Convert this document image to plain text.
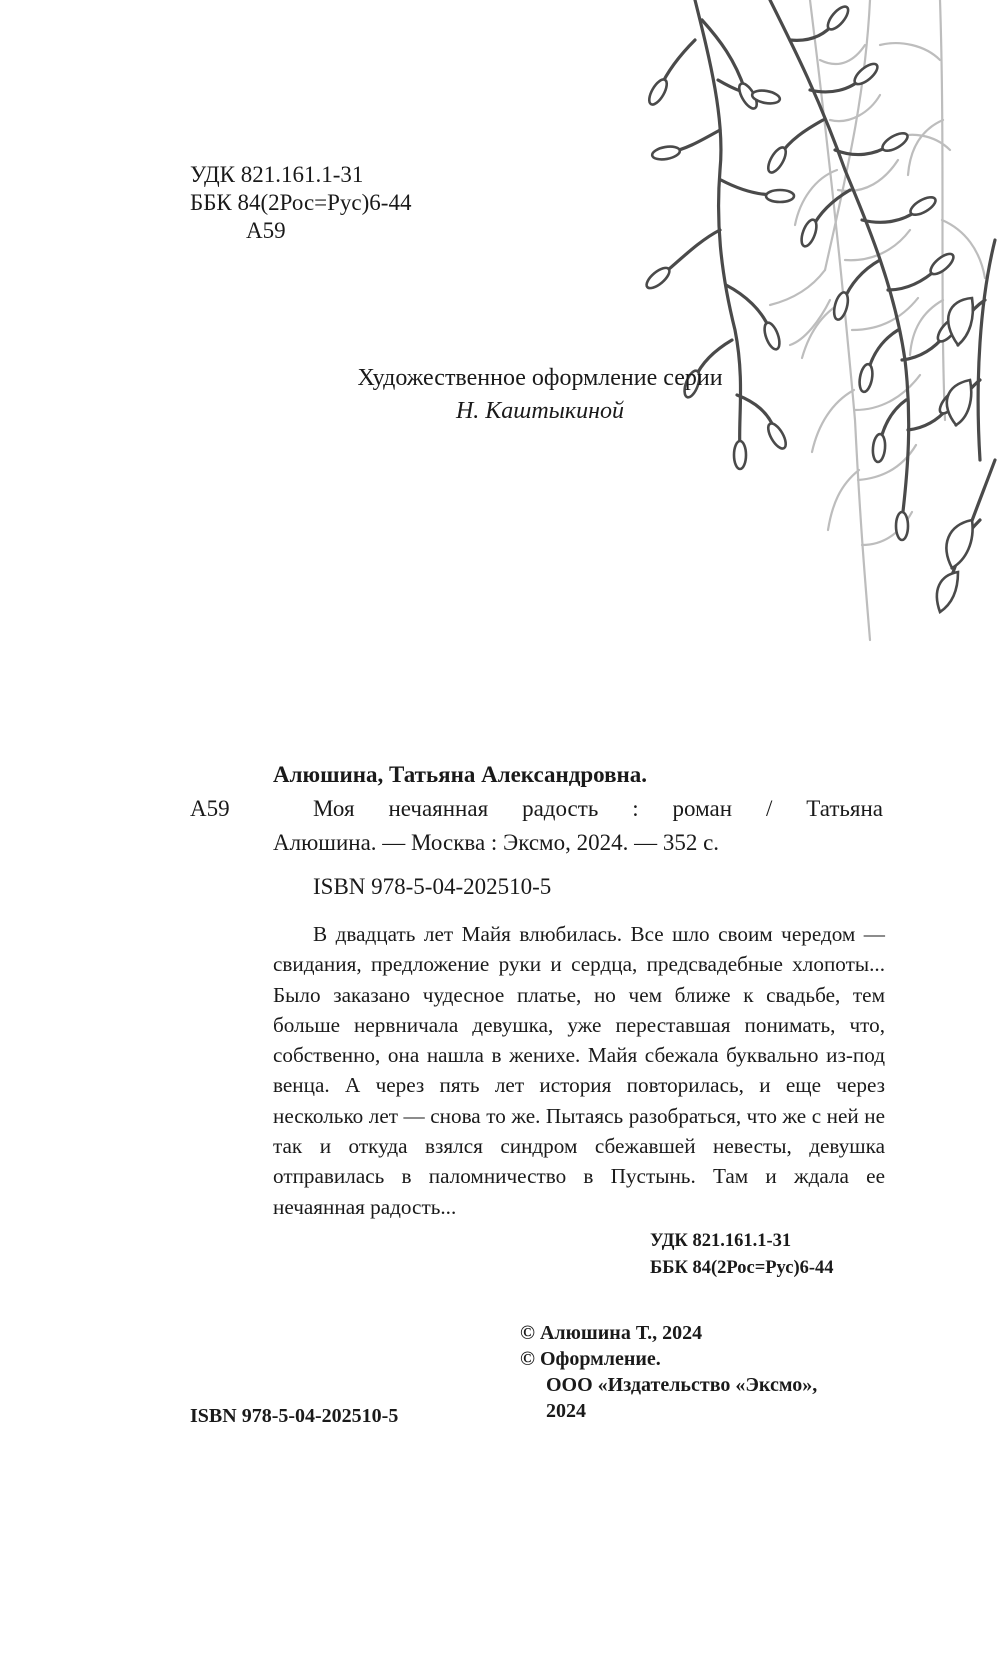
УДК 821.161.1-31
ББК 84(2Рос=Рус)6-44
А59
Художественное оформление серии
Н. Каштыкиной
Алюшина, Татьяна Александровна.
А59	Моя нечаянная радость : роман / Татьяна
Алюшина. — Москва : Эксмо, 2024. — 352 с.
ISBN 978-5-04-202510-5

В двадцать лет Майя влюбилась. Все шло своим чередом — свидания, предложение руки и сердца, предсвадебные хлопоты... Было заказано чудесное платье, но чем ближе к свадьбе, тем больше нервничала девушка, уже переставшая понимать, что, собственно, она нашла в женихе. Майя сбежала буквально из-под венца. А через пять лет история повторилась, и еще через несколько лет — снова то же. Пытаясь разобраться, что же с ней не так и откуда взялся синдром сбежавшей невесты, девушка отправилась в паломничество в Пустынь. Там и ждала ее нечаянная радость...

УДК 821.161.1-31
ББК 84(2Рос=Рус)6-44
© Алюшина Т., 2024
© Оформление.
ООО «Издательство «Эксмо»,
2024
ISBN 978-5-04-202510-5
